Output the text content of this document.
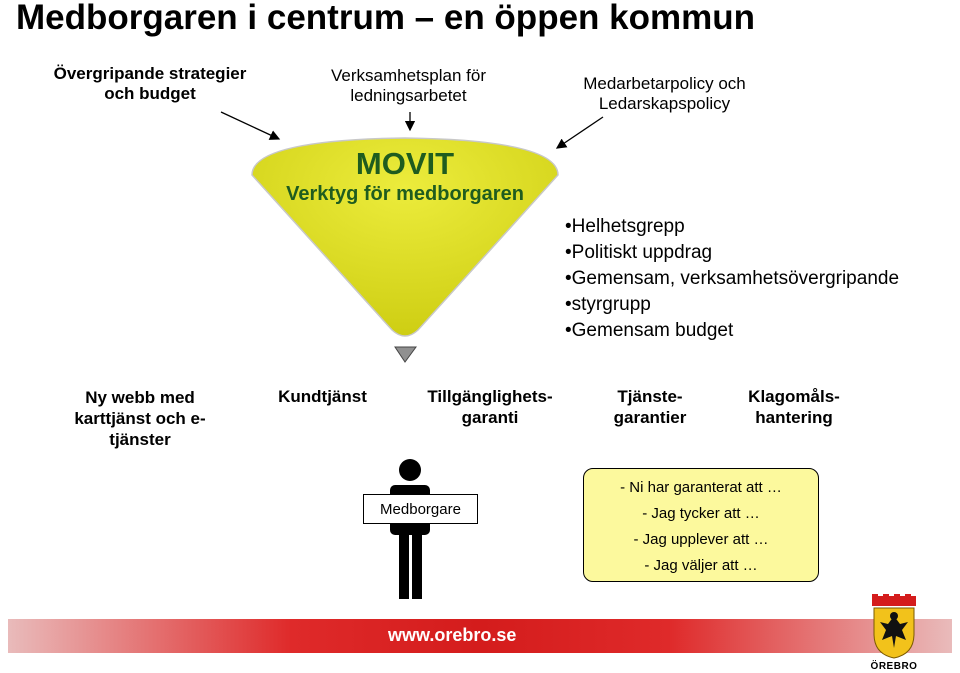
Medborgaren i centrum – en öppen kommun
Övergripande strategier och budget
Verksamhetsplan för ledningsarbetet
Medarbetarpolicy och Ledarskapspolicy
MOVIT
Verktyg för medborgaren
•Helhetsgrepp
•Politiskt uppdrag
•Gemensam, verksamhetsövergripande
•styrgrupp
•Gemensam budget
Ny webb med karttjänst och e-tjänster
Kundtjänst	Tillgänglighets-
garanti
Tjänste-
garantier
Klagomåls-
hantering
Medborgare
- Ni har garanterat att …
- Jag tycker att …
- Jag upplever att …
- Jag väljer att …
www.orebro.se
ÖREBRO
